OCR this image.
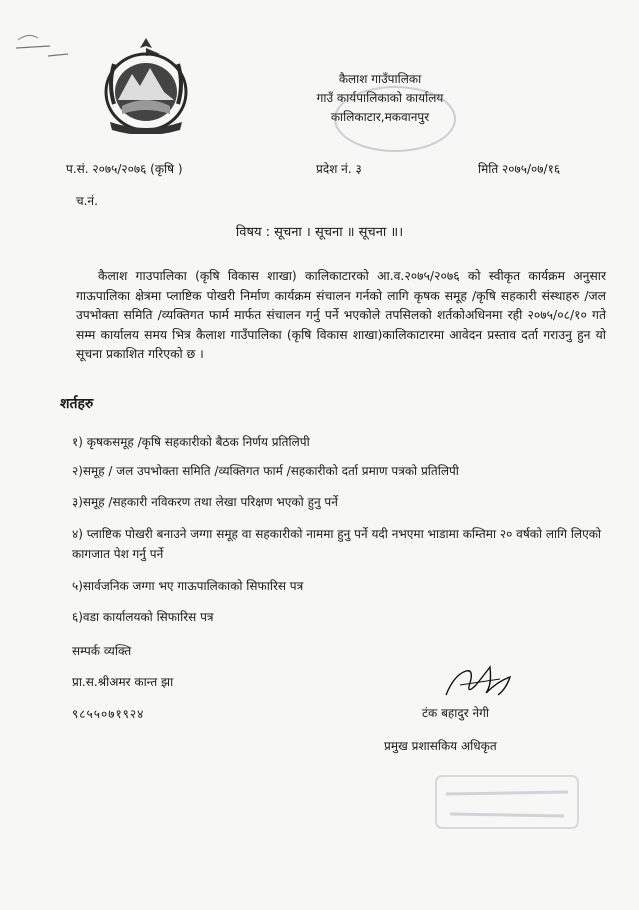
कैलाश गाउँपालिका
गाउँ कार्यपालिकाको कार्यालय
कालिकाटार,मकवानपुर
प.सं. २०७५/२०७६ (कृषि )	प्रदेश नं. ३	मिति २०७५/०७/१६
च.नं.
विषय : सूचना । सूचना ॥ सूचना ॥।

कैलाश गाउपालिका (कृषि विकास शाखा) कालिकाटारको आ.व.२०७५/२०७६ को स्वीकृत कार्यक्रम अनुसार गाऊपालिका क्षेत्रमा प्लाष्टिक पोखरी निर्माण कार्यक्रम संचालन गर्नको लागि कृषक समूह /कृषि सहकारी संस्थाहरु /जल उपभोक्ता समिति /व्यक्तिगत फार्म मार्फत संचालन गर्नु पर्ने भएकोले तपसिलको शर्तकोअधिनमा रही २०७५/०८/१० गते सम्म कार्यालय समय भित्र कैलाश गाउँपालिका (कृषि विकास शाखा)कालिकाटारमा आवेदन प्रस्ताव दर्ता गराउनु हुन यो सूचना प्रकाशित गरिएको छ ।

शर्तहरु
१) कृषकसमूह /कृषि सहकारीको बैठक निर्णय प्रतिलिपी
२)समूह / जल उपभोक्ता समिति /व्यक्तिगत फार्म /सहकारीको दर्ता प्रमाण पत्रको प्रतिलिपी
३)समूह /सहकारी नविकरण तथा लेखा परिक्षण भएको हुनु पर्ने
४) प्लाष्टिक पोखरी बनाउने जग्गा समूह वा सहकारीको नाममा हुनु पर्ने यदी नभएमा भाडामा कम्तिमा २० वर्षको लागि लिएको कागजात पेश गर्नु पर्ने
५)सार्वजनिक जग्गा भए गाऊपालिकाको सिफारिस पत्र
६)वडा कार्यालयको सिफारिस पत्र
सम्पर्क व्यक्ति
प्रा.स.श्रीअमर कान्त झा
९८५५०७१९२४	टंक बहादुर नेगी
प्रमुख प्रशासकिय अधिकृत
